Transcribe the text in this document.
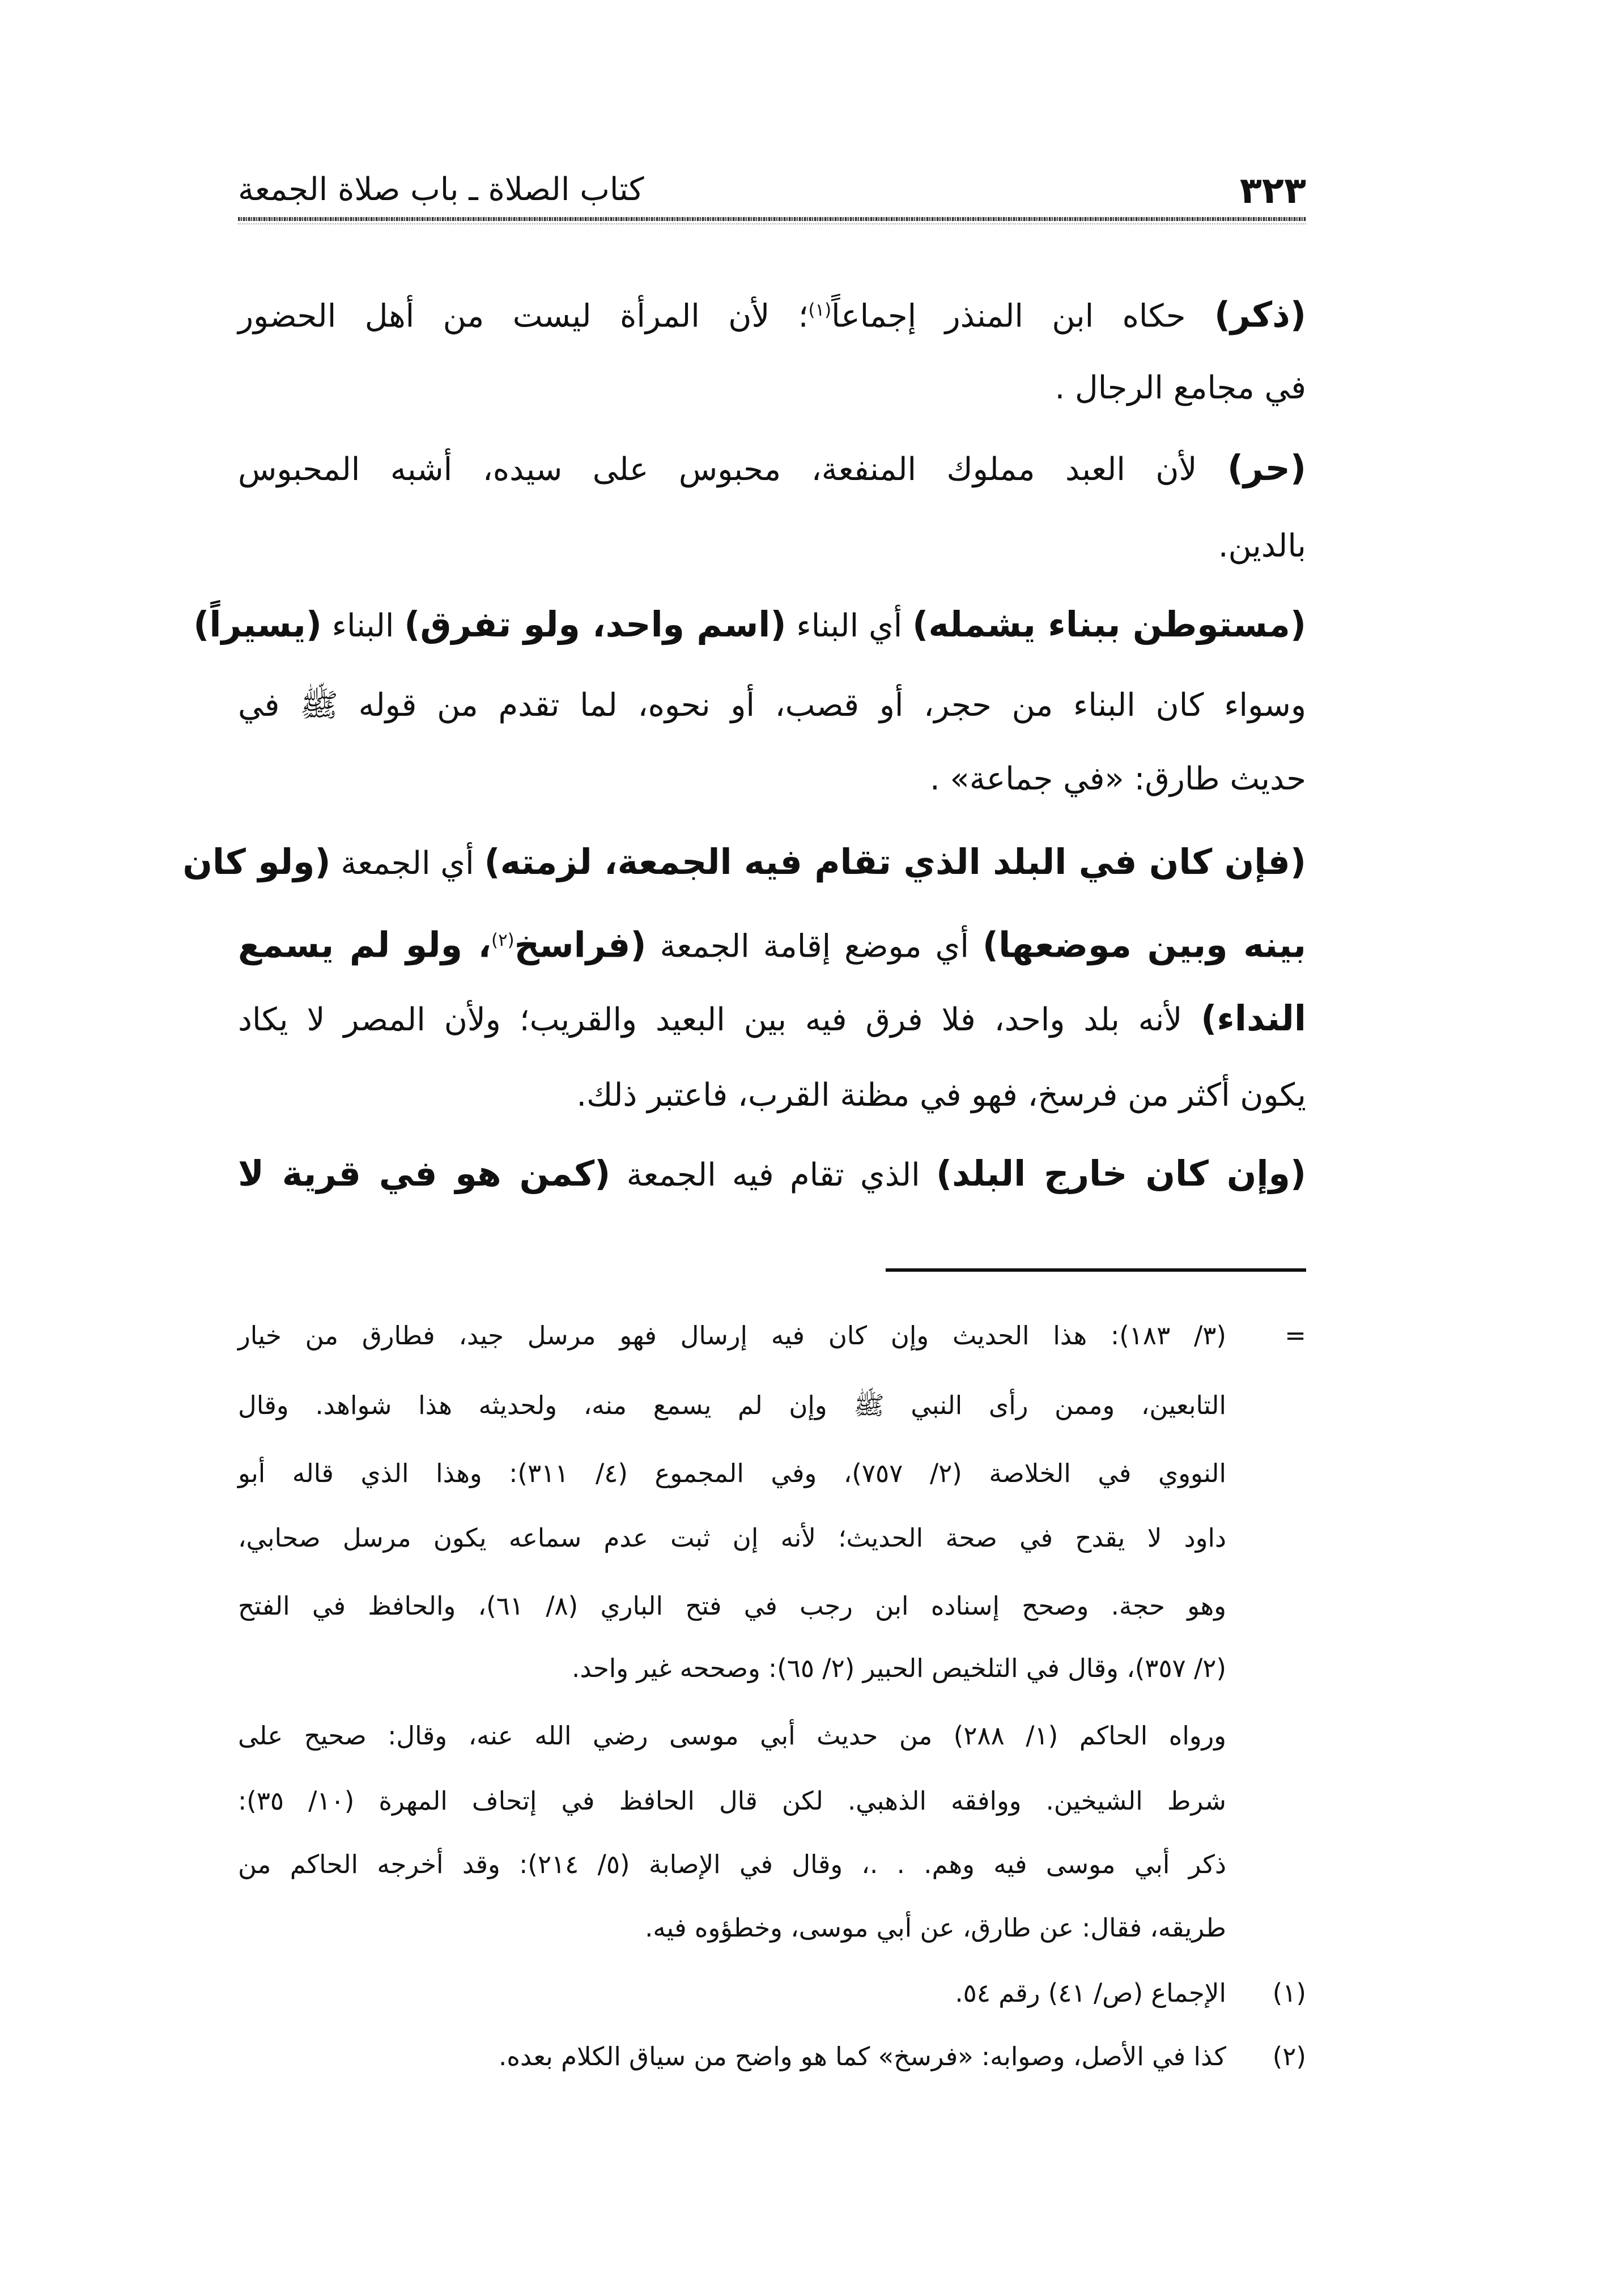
٣٢٣
كتاب الصلاة ـ باب صلاة الجمعة
(ذكر) حكاه ابن المنذر إجماعاً$^{(١)}$؛ لأن المرأة ليست من أهل الحضور
في مجامع الرجال .
(حر) لأن العبد مملوك المنفعة، محبوس على سيده، أشبه المحبوس
بالدين.
(مستوطن ببناء يشمله) أي البناء (اسم واحد، ولو تفرق) البناء (يسيراً)
وسواء كان البناء من حجر، أو قصب، أو نحوه، لما تقدم من قوله ﷺ في
حديث طارق: «في جماعة» .
(فإن كان في البلد الذي تقام فيه الجمعة، لزمته) أي الجمعة (ولو كان
بينه وبين موضعها) أي موضع إقامة الجمعة (فراسخ$^{(٢)}$، ولو لم يسمع
النداء) لأنه بلد واحد، فلا فرق فيه بين البعيد والقريب؛ ولأن المصر لا يكاد
يكون أكثر من فرسخ، فهو في مظنة القرب، فاعتبر ذلك.
(وإن كان خارج البلد) الذي تقام فيه الجمعة (كمن هو في قرية لا
(٣/ ١٨٣): هذا الحديث وإن كان فيه إرسال فهو مرسل جيد، فطارق من خيار =
التابعين، وممن رأى النبي ﷺ وإن لم يسمع منه، ولحديثه هذا شواهد. وقال
النووي في الخلاصة (٢/ ٧٥٧)، وفي المجموع (٤/ ٣١١): وهذا الذي قاله أبو
داود لا يقدح في صحة الحديث؛ لأنه إن ثبت عدم سماعه يكون مرسل صحابي،
وهو حجة. وصحح إسناده ابن رجب في فتح الباري (٨/ ٦١)، والحافظ في الفتح
(٢/ ٣٥٧)، وقال في التلخيص الحبير (٢/ ٦٥): وصححه غير واحد.
ورواه الحاكم (١/ ٢٨٨) من حديث أبي موسى رضي الله عنه، وقال: صحيح على
شرط الشيخين. ووافقه الذهبي. لكن قال الحافظ في إتحاف المهرة (١٠/ ٣٥):
ذكر أبي موسى فيه وهم. . .، وقال في الإصابة (٥/ ٢١٤): وقد أخرجه الحاكم من
طريقه، فقال: عن طارق، عن أبي موسى، وخطؤوه فيه.
الإجماع (ص/ ٤١) رقم ٥٤. (١)
كذا في الأصل، وصوابه: «فرسخ» كما هو واضح من سياق الكلام بعده. (٢)
